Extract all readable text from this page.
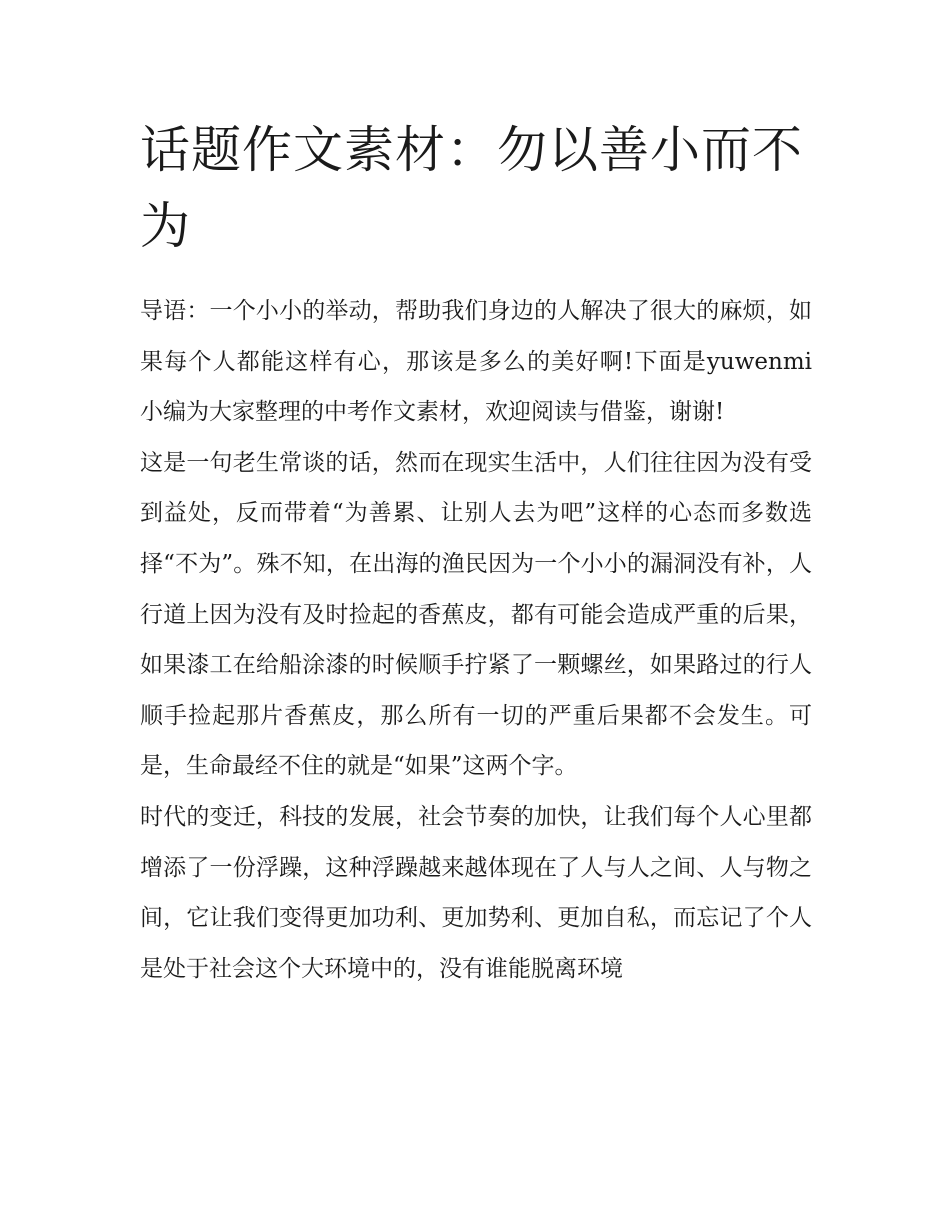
话题作文素材：勿以善小而不为

导语：一个小小的举动，帮助我们身边的人解决了很大的麻烦，如果每个人都能这样有心，那该是多么的美好啊!下面是yuwenmi 小编为大家整理的中考作文素材，欢迎阅读与借鉴，谢谢!

这是一句老生常谈的话，然而在现实生活中，人们往往因为没有受到益处，反而带着“为善累、让别人去为吧”这样的心态而多数选择“不为”。殊不知，在出海的渔民因为一个小小的漏洞没有补，人行道上因为没有及时捡起的香蕉皮，都有可能会造成严重的后果，如果漆工在给船涂漆的时候顺手拧紧了一颗螺丝，如果路过的行人顺手捡起那片香蕉皮，那么所有一切的严重后果都不会发生。可是，生命最经不住的就是“如果”这两个字。

时代的变迁，科技的发展，社会节奏的加快，让我们每个人心里都增添了一份浮躁，这种浮躁越来越体现在了人与人之间、人与物之间，它让我们变得更加功利、更加势利、更加自私，而忘记了个人是处于社会这个大环境中的，没有谁能脱离环境
